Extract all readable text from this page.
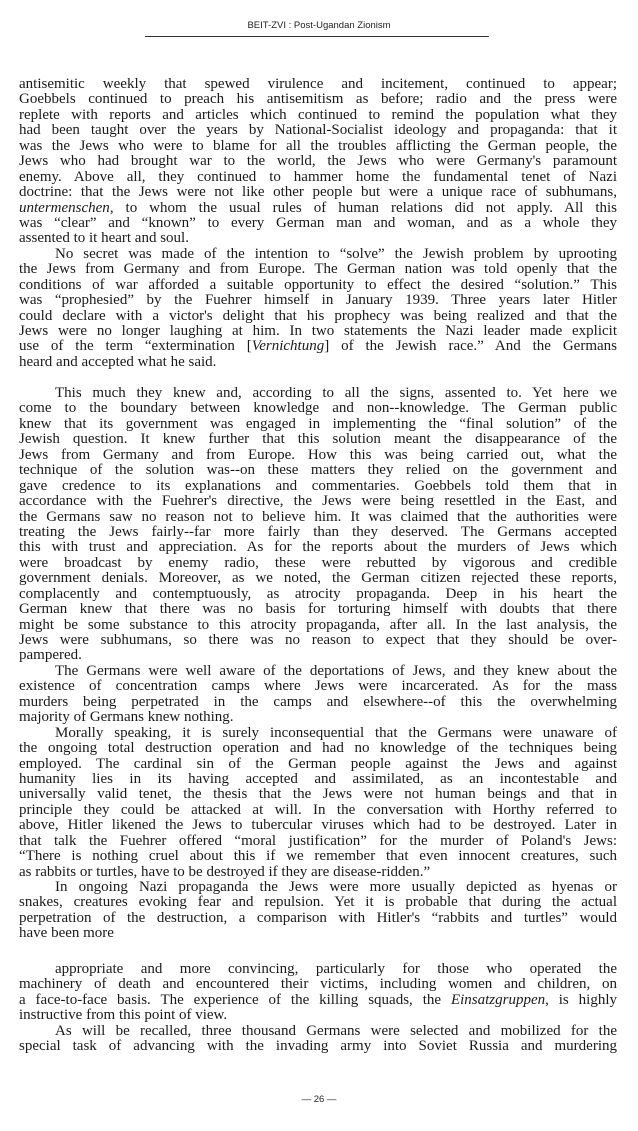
BEIT-ZVI : Post-Ugandan Zionism
antisemitic weekly that spewed virulence and incitement, continued to appear;
Goebbels continued to preach his antisemitism as before; radio and the press were
replete with reports and articles which continued to remind the population what they
had been taught over the years by National-Socialist ideology and propaganda: that it
was the Jews who were to blame for all the troubles afflicting the German people, the
Jews who had brought war to the world, the Jews who were Germany's paramount
enemy. Above all, they continued to hammer home the fundamental tenet of Nazi
doctrine: that the Jews were not like other people but were a unique race of subhumans,
untermenschen, to whom the usual rules of human relations did not apply. All this
was “clear” and “known” to every German man and woman, and as a whole they
assented to it heart and soul.
No secret was made of the intention to “solve” the Jewish problem by uprooting
the Jews from Germany and from Europe. The German nation was told openly that the
conditions of war afforded a suitable opportunity to effect the desired “solution.” This
was “prophesied” by the Fuehrer himself in January 1939. Three years later Hitler
could declare with a victor's delight that his prophecy was being realized and that the
Jews were no longer laughing at him. In two statements the Nazi leader made explicit
use of the term “extermination [Vernichtung] of the Jewish race.” And the Germans
heard and accepted what he said.
This much they knew and, according to all the signs, assented to. Yet here we
come to the boundary between knowledge and non--knowledge. The German public
knew that its government was engaged in implementing the “final solution” of the
Jewish question. It knew further that this solution meant the disappearance of the
Jews from Germany and from Europe. How this was being carried out, what the
technique of the solution was--on these matters they relied on the government and
gave credence to its explanations and commentaries. Goebbels told them that in
accordance with the Fuehrer's directive, the Jews were being resettled in the East, and
the Germans saw no reason not to believe him. It was claimed that the authorities were
treating the Jews fairly--far more fairly than they deserved. The Germans accepted
this with trust and appreciation. As for the reports about the murders of Jews which
were broadcast by enemy radio, these were rebutted by vigorous and credible
government denials. Moreover, as we noted, the German citizen rejected these reports,
complacently and contemptuously, as atrocity propaganda. Deep in his heart the
German knew that there was no basis for torturing himself with doubts that there
might be some substance to this atrocity propaganda, after all. In the last analysis, the
Jews were subhumans, so there was no reason to expect that they should be over-
pampered.
The Germans were well aware of the deportations of Jews, and they knew about the
existence of concentration camps where Jews were incarcerated. As for the mass
murders being perpetrated in the camps and elsewhere--of this the overwhelming
majority of Germans knew nothing.
Morally speaking, it is surely inconsequential that the Germans were unaware of
the ongoing total destruction operation and had no knowledge of the techniques being
employed. The cardinal sin of the German people against the Jews and against
humanity lies in its having accepted and assimilated, as an incontestable and
universally valid tenet, the thesis that the Jews were not human beings and that in
principle they could be attacked at will. In the conversation with Horthy referred to
above, Hitler likened the Jews to tubercular viruses which had to be destroyed. Later in
that talk the Fuehrer offered “moral justification” for the murder of Poland's Jews:
“There is nothing cruel about this if we remember that even innocent creatures, such
as rabbits or turtles, have to be destroyed if they are disease-ridden.”
In ongoing Nazi propaganda the Jews were more usually depicted as hyenas or
snakes, creatures evoking fear and repulsion. Yet it is probable that during the actual
perpetration of the destruction, a comparison with Hitler's “rabbits and turtles” would
have been more
appropriate and more convincing, particularly for those who operated the
machinery of death and encountered their victims, including women and children, on
a face-to-face basis. The experience of the killing squads, the Einsatzgruppen, is highly
instructive from this point of view.
As will be recalled, three thousand Germans were selected and mobilized for the
special task of advancing with the invading army into Soviet Russia and murdering
— 26 —
